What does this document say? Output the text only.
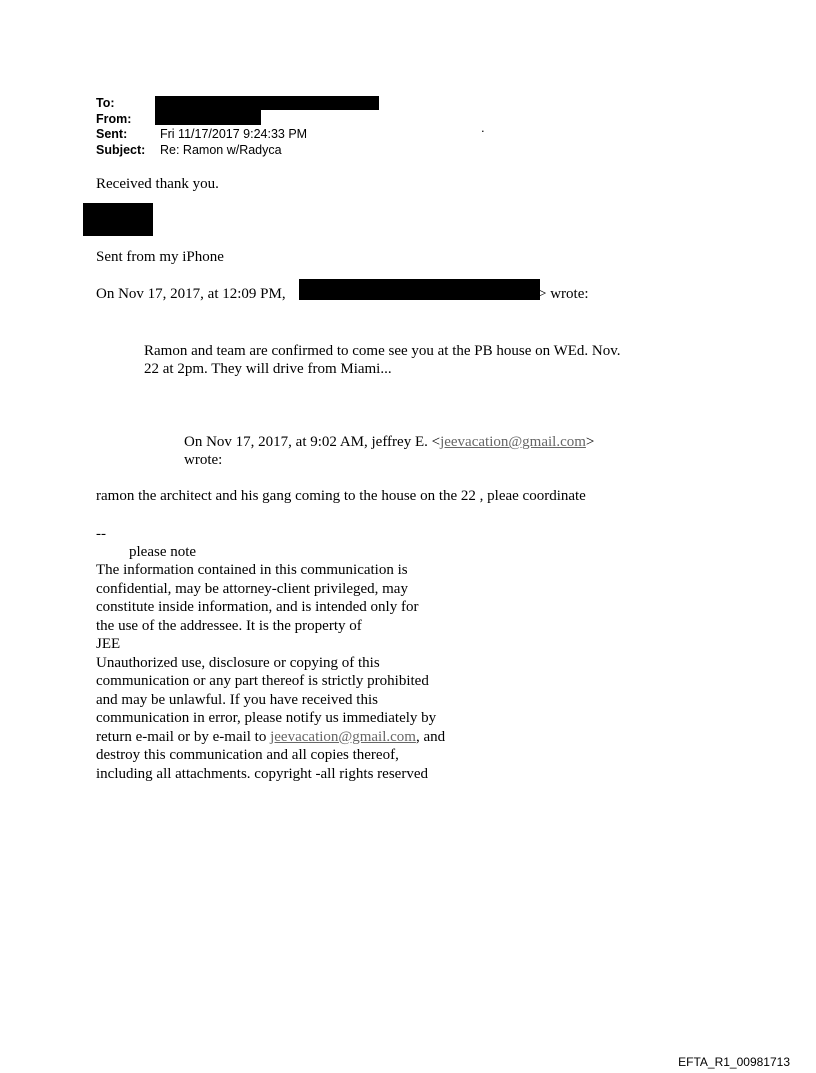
To:
From:
Sent:	Fri 11/17/2017 9:24:33 PM
Subject:	Re: Ramon w/Radyca
.
Received thank you.
Sent from my iPhone
On Nov 17, 2017, at 12:09 PM,	> wrote:
Ramon and team are confirmed to come see you at the PB house on WEd. Nov.
22 at 2pm. They will drive from Miami...
On Nov 17, 2017, at 9:02 AM, jeffrey E. <jeevacation@gmail.com>
wrote:
ramon the architect and his gang coming to the house on the 22 , pleae coordinate
--
please note
The information contained in this communication is
confidential, may be attorney-client privileged, may
constitute inside information, and is intended only for
the use of the addressee. It is the property of
JEE
Unauthorized use, disclosure or copying of this
communication or any part thereof is strictly prohibited
and may be unlawful. If you have received this
communication in error, please notify us immediately by
return e-mail or by e-mail to jeevacation@gmail.com, and
destroy this communication and all copies thereof,
including all attachments. copyright -all rights reserved
EFTA_R1_00981713
